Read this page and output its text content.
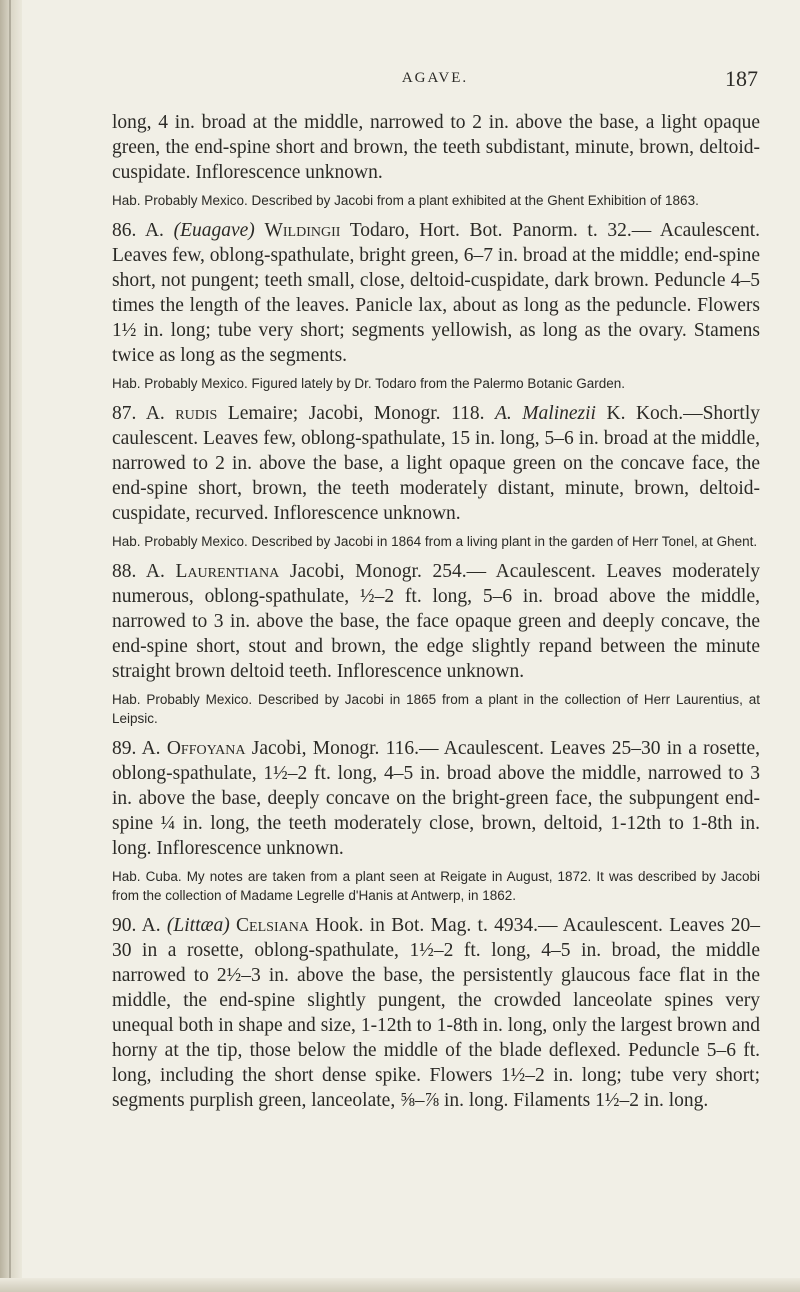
AGAVE.	187

long, 4 in. broad at the middle, narrowed to 2 in. above the base, a light opaque green, the end-spine short and brown, the teeth subdistant, minute, brown, deltoid-cuspidate. Inflorescence unknown.

Hab. Probably Mexico. Described by Jacobi from a plant exhibited at the Ghent Exhibition of 1863.

86. A. (Euagave) Wildingii Todaro, Hort. Bot. Panorm. t. 32.— Acaulescent. Leaves few, oblong-spathulate, bright green, 6–7 in. broad at the middle; end-spine short, not pungent; teeth small, close, deltoid-cuspidate, dark brown. Peduncle 4–5 times the length of the leaves. Panicle lax, about as long as the peduncle. Flowers 1½ in. long; tube very short; segments yellowish, as long as the ovary. Stamens twice as long as the segments.

Hab. Probably Mexico. Figured lately by Dr. Todaro from the Palermo Botanic Garden.

87. A. rudis Lemaire; Jacobi, Monogr. 118. A. Malinezii K. Koch.—Shortly caulescent. Leaves few, oblong-spathulate, 15 in. long, 5–6 in. broad at the middle, narrowed to 2 in. above the base, a light opaque green on the concave face, the end-spine short, brown, the teeth moderately distant, minute, brown, deltoid-cuspidate, recurved. Inflorescence unknown.

Hab. Probably Mexico. Described by Jacobi in 1864 from a living plant in the garden of Herr Tonel, at Ghent.

88. A. Laurentiana Jacobi, Monogr. 254.— Acaulescent. Leaves moderately numerous, oblong-spathulate, ½–2 ft. long, 5–6 in. broad above the middle, narrowed to 3 in. above the base, the face opaque green and deeply concave, the end-spine short, stout and brown, the edge slightly repand between the minute straight brown deltoid teeth. Inflorescence unknown.

Hab. Probably Mexico. Described by Jacobi in 1865 from a plant in the collection of Herr Laurentius, at Leipsic.

89. A. Offoyana Jacobi, Monogr. 116.— Acaulescent. Leaves 25–30 in a rosette, oblong-spathulate, 1½–2 ft. long, 4–5 in. broad above the middle, narrowed to 3 in. above the base, deeply concave on the bright-green face, the subpungent end-spine ¼ in. long, the teeth moderately close, brown, deltoid, 1-12th to 1-8th in. long. Inflorescence unknown.

Hab. Cuba. My notes are taken from a plant seen at Reigate in August, 1872. It was described by Jacobi from the collection of Madame Legrelle d'Hanis at Antwerp, in 1862.

90. A. (Littæa) Celsiana Hook. in Bot. Mag. t. 4934.— Acaulescent. Leaves 20–30 in a rosette, oblong-spathulate, 1½–2 ft. long, 4–5 in. broad, the middle narrowed to 2½–3 in. above the base, the persistently glaucous face flat in the middle, the end-spine slightly pungent, the crowded lanceolate spines very unequal both in shape and size, 1-12th to 1-8th in. long, only the largest brown and horny at the tip, those below the middle of the blade deflexed. Peduncle 5–6 ft. long, including the short dense spike. Flowers 1½–2 in. long; tube very short; segments purplish green, lanceolate, ⅝–⅞ in. long. Filaments 1½–2 in. long.
